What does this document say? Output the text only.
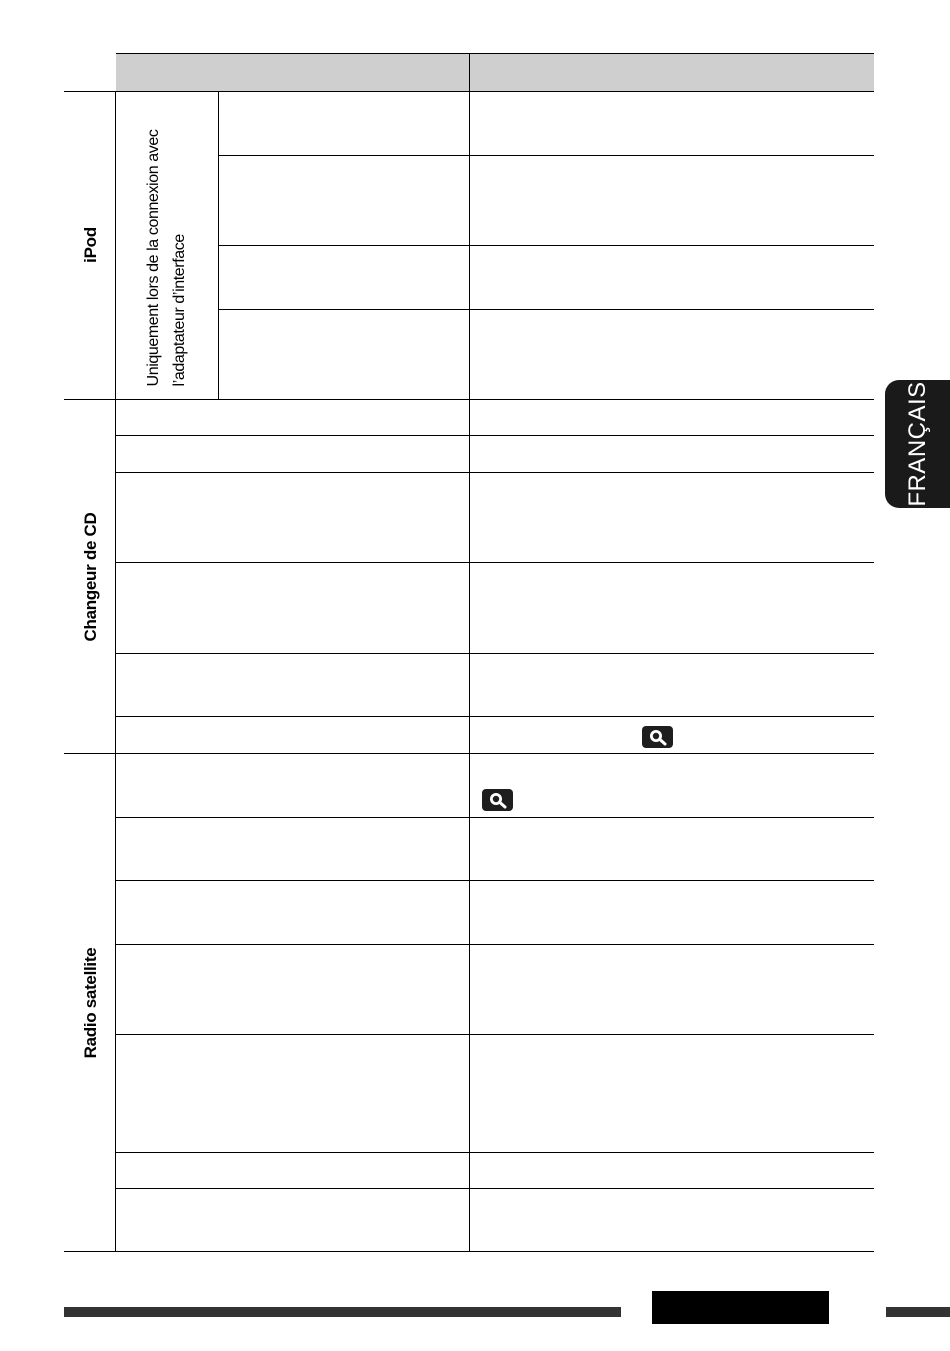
iPod	Uniquement lors de la connexion avec l’adaptateur d’interface
Changeur de CD
Radio satellite
FRANÇAIS
